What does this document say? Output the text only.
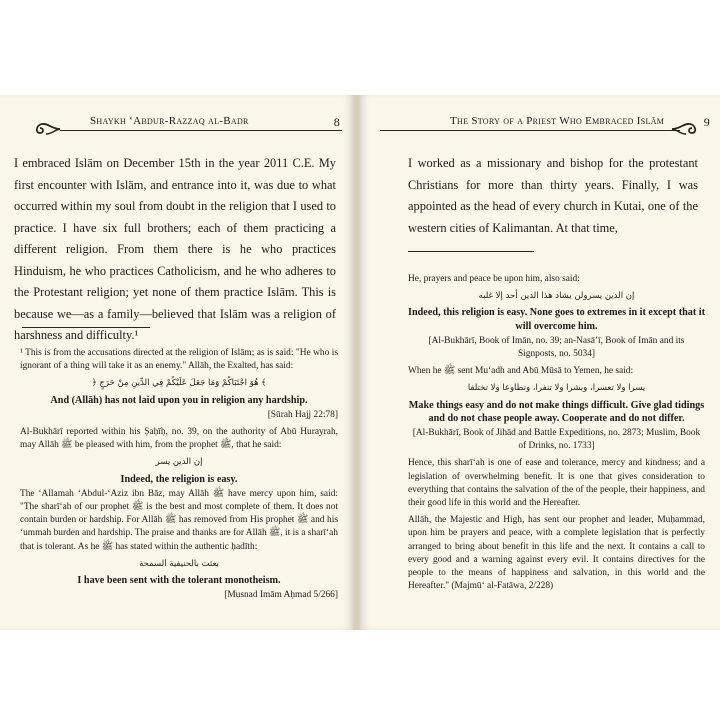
Shaykh ‘Abdur-Razzaq al-Badr	8
I embraced Islām on December 15th in the year 2011 C.E. My first encounter with Islām, and entrance into it, was due to what occurred within my soul from doubt in the religion that I used to practice. I have six full brothers; each of them practicing a different religion. From them there is he who practices Hinduism, he who practices Catholicism, and he who adheres to the Protestant religion; yet none of them practice Islām. This is because we—as a family—believed that Islām was a religion of harshness and difficulty.¹

¹ This is from the accusations directed at the religion of Islām; as is said: "He who is ignorant of a thing will take it as an enemy." Allāh, the Exalted, has said:

﴿ هُوَ اجْتَبَاكُمْ وَمَا جَعَلَ عَلَيْكُمْ فِي الدِّينِ مِنْ حَرَجٍ ﴾

And (Allāh) has not laid upon you in religion any hardship.

[Sūrah Hajj 22:78]

Al-Bukhārī reported within his Ṣaḥīḥ, no. 39, on the authority of Abū Hurayrah, may Allāh ﷺ be pleased with him, from the prophet ﷺ, that he said:

إن الدين يسر

Indeed, the religion is easy.

The ‘Allamah ‘Abdul-‘Aziz ibn Bāz, may Allāh ﷺ have mercy upon him, said: "The sharī‘ah of our prophet ﷺ is the best and most complete of them. It does not contain burden or hardship. For Allāh ﷺ has removed from His prophet ﷺ and his ‘ummah burden and hardship. The praise and thanks are for Allāh ﷺ, it is a sharī‘ah that is tolerant. As he ﷺ has stated within the authentic ḥadīth:

بعثت بالحنيفية السمحة

I have been sent with the tolerant monotheism.

[Musnad Imām Aḥmad 5/266]

The Story of a Priest Who Embraced Islām	9
I worked as a missionary and bishop for the protestant Christians for more than thirty years. Finally, I was appointed as the head of every church in Kutai, one of the western cities of Kalimantan. At that time,

He, prayers and peace be upon him, also said:

إن الدين يسرولن يشاد هذا الدين أحد إلا غلبه

Indeed, this religion is easy. None goes to extremes in it except that it will overcome him.

[Al-Bukhārī, Book of Imān, no. 39; an-Nasā’ī, Book of Imān and its Signposts, no. 5034]

When he ﷺ sent Mu‘adh and Abū Mūsā to Yemen, he said:

يسرا ولا تعسرا، وبشرا ولا تنفرا، وتطاوعا ولا تختلفا

Make things easy and do not make things difficult. Give glad tidings and do not chase people away. Cooperate and do not differ.

[Al-Bukhārī, Book of Jihād and Battle Expeditions, no. 2873; Muslim, Book of Drinks, no. 1733]

Hence, this sharī‘ah is one of ease and tolerance, mercy and kindness; and a legislation of overwhelming benefit. It is one that gives consideration to everything that contains the salvation of the of the people, their happiness, and their good life in this world and the Hereafter.

Allāh, the Majestic and High, has sent our prophet and leader, Muḥammad, upon him be prayers and peace, with a complete legislation that is perfectly arranged to bring about benefit in this life and the next. It contains a call to every good and a warning against every evil. It contains directives for the people to the means of happiness and salvation, in this world and the Hereafter." (Majmū‘ al-Fatāwa, 2/228)
